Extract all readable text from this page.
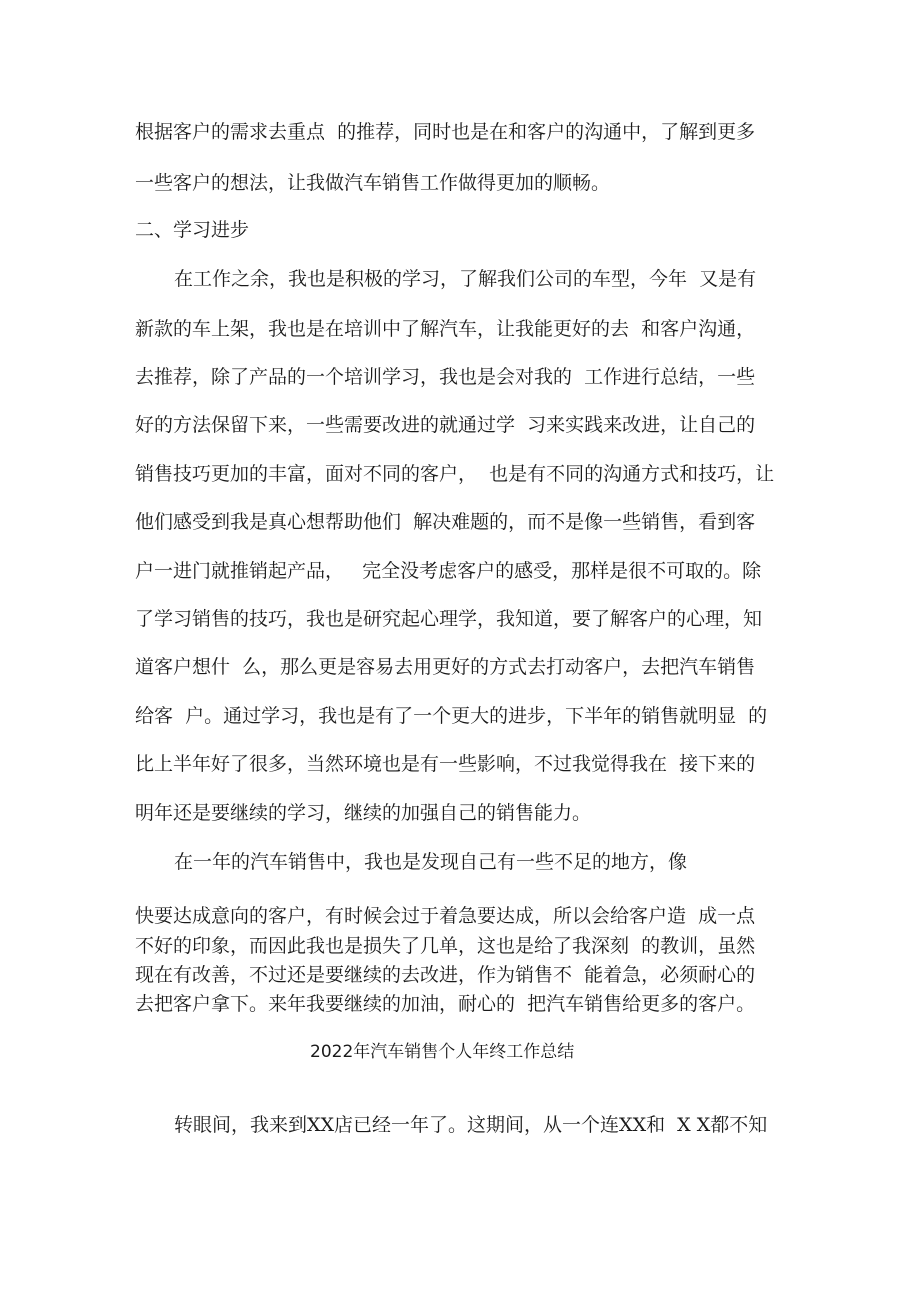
根据客户的需求去重点  的推荐，同时也是在和客户的沟通中，了解到更多
一些客户的想法，让我做汽车销售工作做得更加的顺畅。
二、学习进步
在工作之余，我也是积极的学习，了解我们公司的车型，今年  又是有
新款的车上架，我也是在培训中了解汽车，让我能更好的去  和客户沟通，
去推荐，除了产品的一个培训学习，我也是会对我的  工作进行总结，一些
好的方法保留下来，一些需要改进的就通过学  习来实践来改进，让自己的
销售技巧更加的丰富，面对不同的客户，  也是有不同的沟通方式和技巧，让
他们感受到我是真心想帮助他们  解决难题的，而不是像一些销售，看到客
户一进门就推销起产品，   完全没考虑客户的感受，那样是很不可取的。除
了学习销售的技巧，我也是研究起心理学，我知道，要了解客户的心理，知
道客户想什  么，那么更是容易去用更好的方式去打动客户，去把汽车销售
给客  户。通过学习，我也是有了一个更大的进步，下半年的销售就明显  的
比上半年好了很多，当然环境也是有一些影响，不过我觉得我在  接下来的
明年还是要继续的学习，继续的加强自己的销售能力。
在一年的汽车销售中，我也是发现自己有一些不足的地方，像
快要达成意向的客户，有时候会过于着急要达成，所以会给客户造  成一点
不好的印象，而因此我也是损失了几单，这也是给了我深刻  的教训，虽然
现在有改善，不过还是要继续的去改进，作为销售不  能着急，必须耐心的
去把客户拿下。来年我要继续的加油，耐心的  把汽车销售给更多的客户。
2022年汽车销售个人年终工作总结
转眼间，我来到XX店已经一年了。这期间，从一个连XX和  X X都不知
